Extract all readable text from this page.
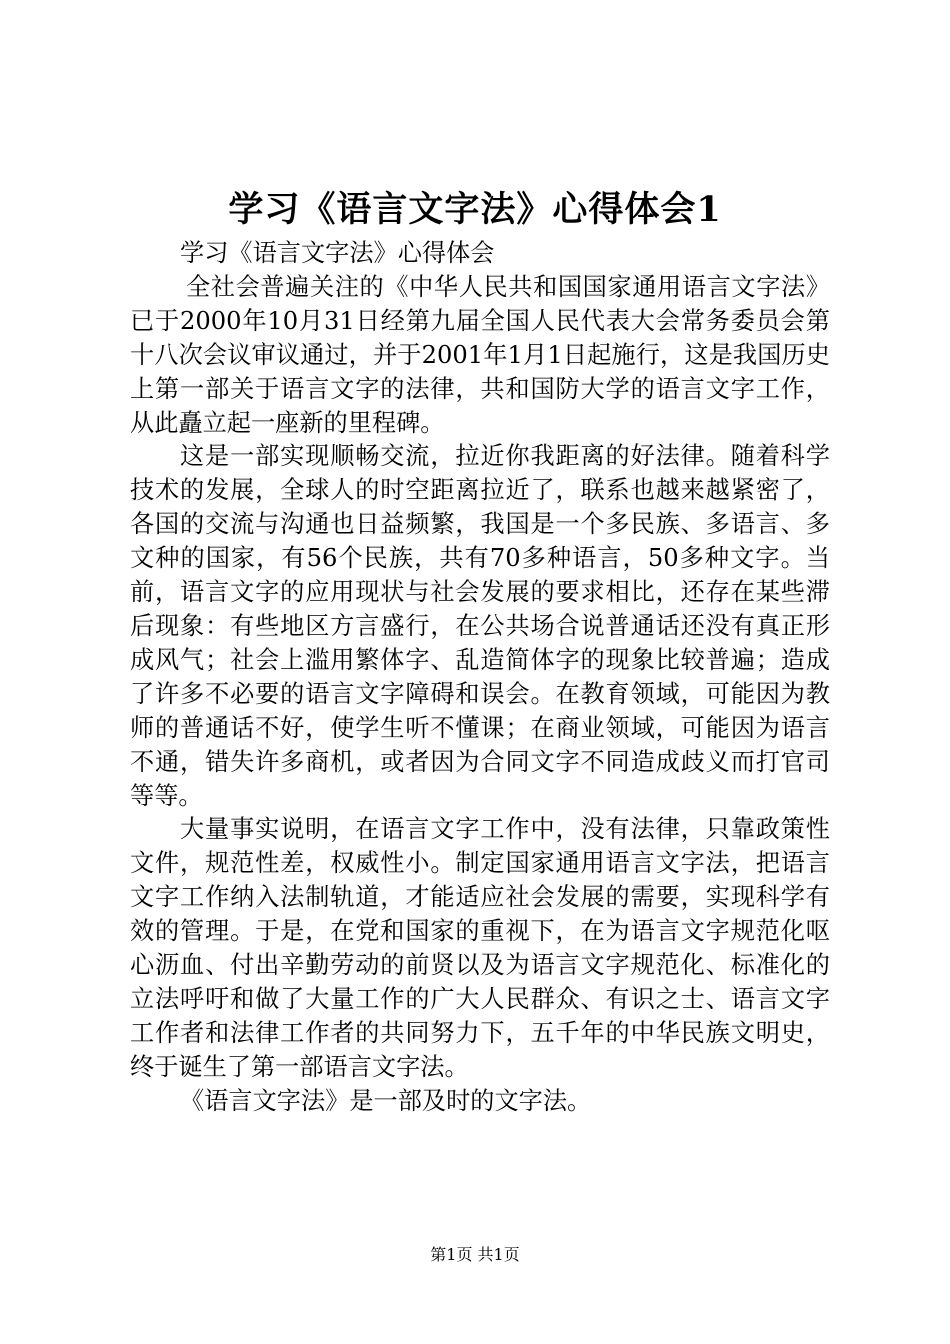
学习《语言文字法》心得体会1

学习《语言文字法》心得体会

全社会普遍关注的《中华人民共和国国家通用语言文字法》已于2000年10月31日经第九届全国人民代表大会常务委员会第十八次会议审议通过，并于2001年1月1日起施行，这是我国历史上第一部关于语言文字的法律，共和国防大学的语言文字工作，从此矗立起一座新的里程碑。

这是一部实现顺畅交流，拉近你我距离的好法律。随着科学技术的发展，全球人的时空距离拉近了，联系也越来越紧密了，各国的交流与沟通也日益频繁，我国是一个多民族、多语言、多文种的国家，有56个民族，共有70多种语言，50多种文字。当前，语言文字的应用现状与社会发展的要求相比，还存在某些滞后现象：有些地区方言盛行，在公共场合说普通话还没有真正形成风气；社会上滥用繁体字、乱造简体字的现象比较普遍；造成了许多不必要的语言文字障碍和误会。在教育领域，可能因为教师的普通话不好，使学生听不懂课；在商业领域，可能因为语言不通，错失许多商机，或者因为合同文字不同造成歧义而打官司等等。

大量事实说明，在语言文字工作中，没有法律，只靠政策性文件，规范性差，权威性小。制定国家通用语言文字法，把语言文字工作纳入法制轨道，才能适应社会发展的需要，实现科学有效的管理。于是，在党和国家的重视下，在为语言文字规范化呕心沥血、付出辛勤劳动的前贤以及为语言文字规范化、标准化的立法呼吁和做了大量工作的广大人民群众、有识之士、语言文字工作者和法律工作者的共同努力下，五千年的中华民族文明史，终于诞生了第一部语言文字法。

《语言文字法》是一部及时的文字法。

第1页 共1页
